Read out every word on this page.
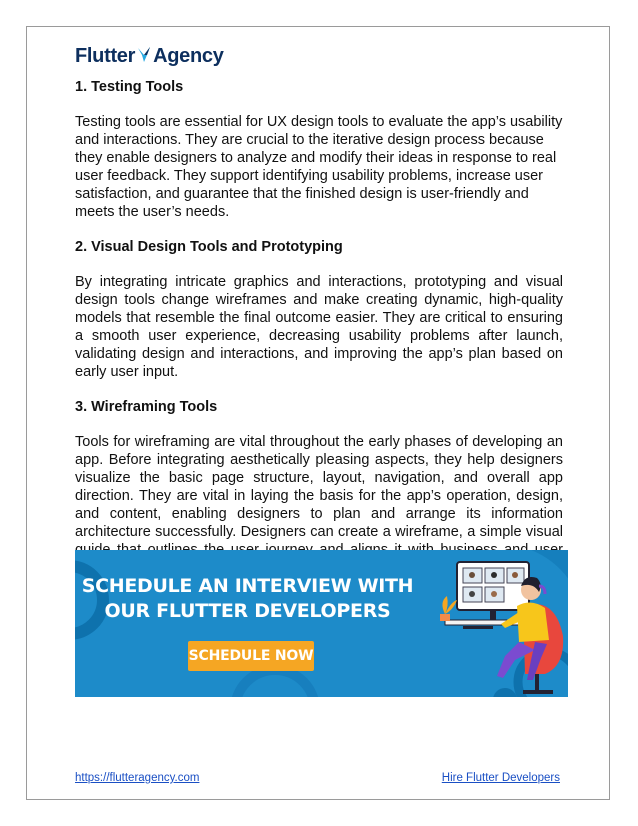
Flutter Agency
1. Testing Tools

Testing tools are essential for UX design tools to evaluate the app’s usability and interactions. They are crucial to the iterative design process because they enable designers to analyze and modify their ideas in response to real user feedback. They support identifying usability problems, increase user satisfaction, and guarantee that the finished design is user-friendly and meets the user’s needs.

2. Visual Design Tools and Prototyping

By integrating intricate graphics and interactions, prototyping and visual design tools change wireframes and make creating dynamic, high-quality models that resemble the final outcome easier. They are critical to ensuring a smooth user experience, decreasing usability problems after launch, validating design and interactions, and improving the app’s plan based on early user input.

3. Wireframing Tools

Tools for wireframing are vital throughout the early phases of developing an app. Before integrating aesthetically pleasing aspects, they help designers visualize the basic page structure, layout, navigation, and overall app direction. They are vital in laying the basis for the app’s operation, design, and content, enabling designers to plan and arrange its information architecture successfully. Designers can create a wireframe, a simple visual

SCHEDULE AN INTERVIEW WITH
OUR FLUTTER DEVELOPERS
SCHEDULE NOW
https://flutteragency.com	Hire Flutter Developers
